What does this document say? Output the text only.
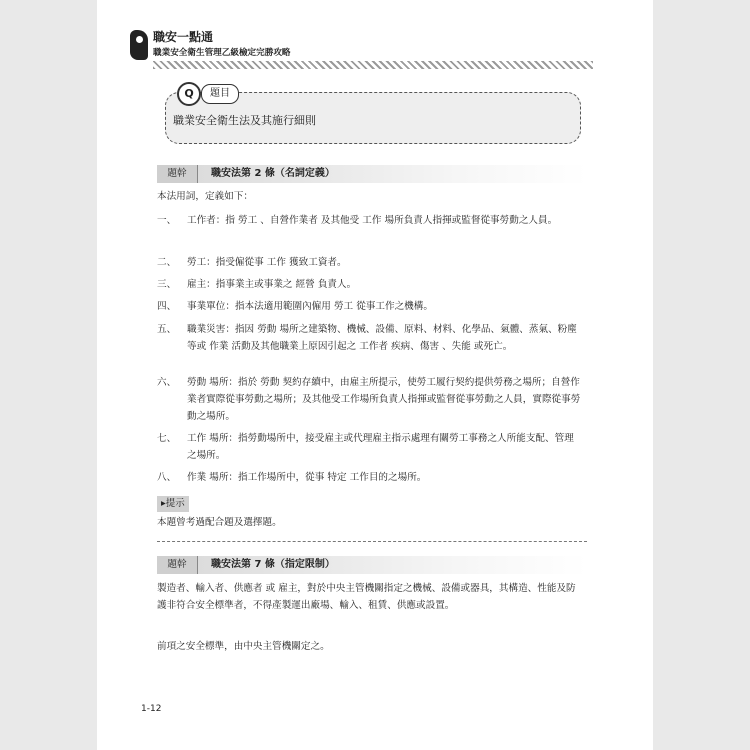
職安一點通
職業安全衛生管理乙級檢定完勝攻略
Q	題目
職業安全衛生法及其施行細則
題幹	職安法第 2 條（名詞定義）
本法用詞，定義如下：
一、 工作者：指 勞工 、自營作業者 及其他受 工作 場所負責人指揮或監督從事勞動之人員。
二、 勞工：指受僱從事 工作 獲致工資者。
三、 雇主：指事業主或事業之 經營 負責人。
四、 事業單位：指本法適用範圍內僱用 勞工 從事工作之機構。
五、 職業災害：指因 勞動 場所之建築物、機械、設備、原料、材料、化學品、氣體、蒸氣、粉塵等或 作業 活動及其他職業上原因引起之 工作者 疾病、傷害 、失能 或死亡。
六、 勞動 場所：指於 勞動 契約存續中，由雇主所提示，使勞工履行契約提供勞務之場所；自營作業者實際從事勞動之場所；及其他受工作場所負責人指揮或監督從事勞動之人員，實際從事勞動之場所。
七、 工作 場所：指勞動場所中，接受雇主或代理雇主指示處理有關勞工事務之人所能支配、管理 之場所。
八、 作業 場所：指工作場所中，從事 特定 工作目的之場所。
▸提示
本題曾考過配合題及選擇題。
題幹	職安法第 7 條（指定限制）
製造者、輸入者、供應者 或 雇主，對於中央主管機關指定之機械、設備或器具，其構造、性能及防護非符合安全標準者，不得產製運出廠場、輸入、租賃、供應或設置。
前項之安全標準，由中央主管機關定之。
1-12
